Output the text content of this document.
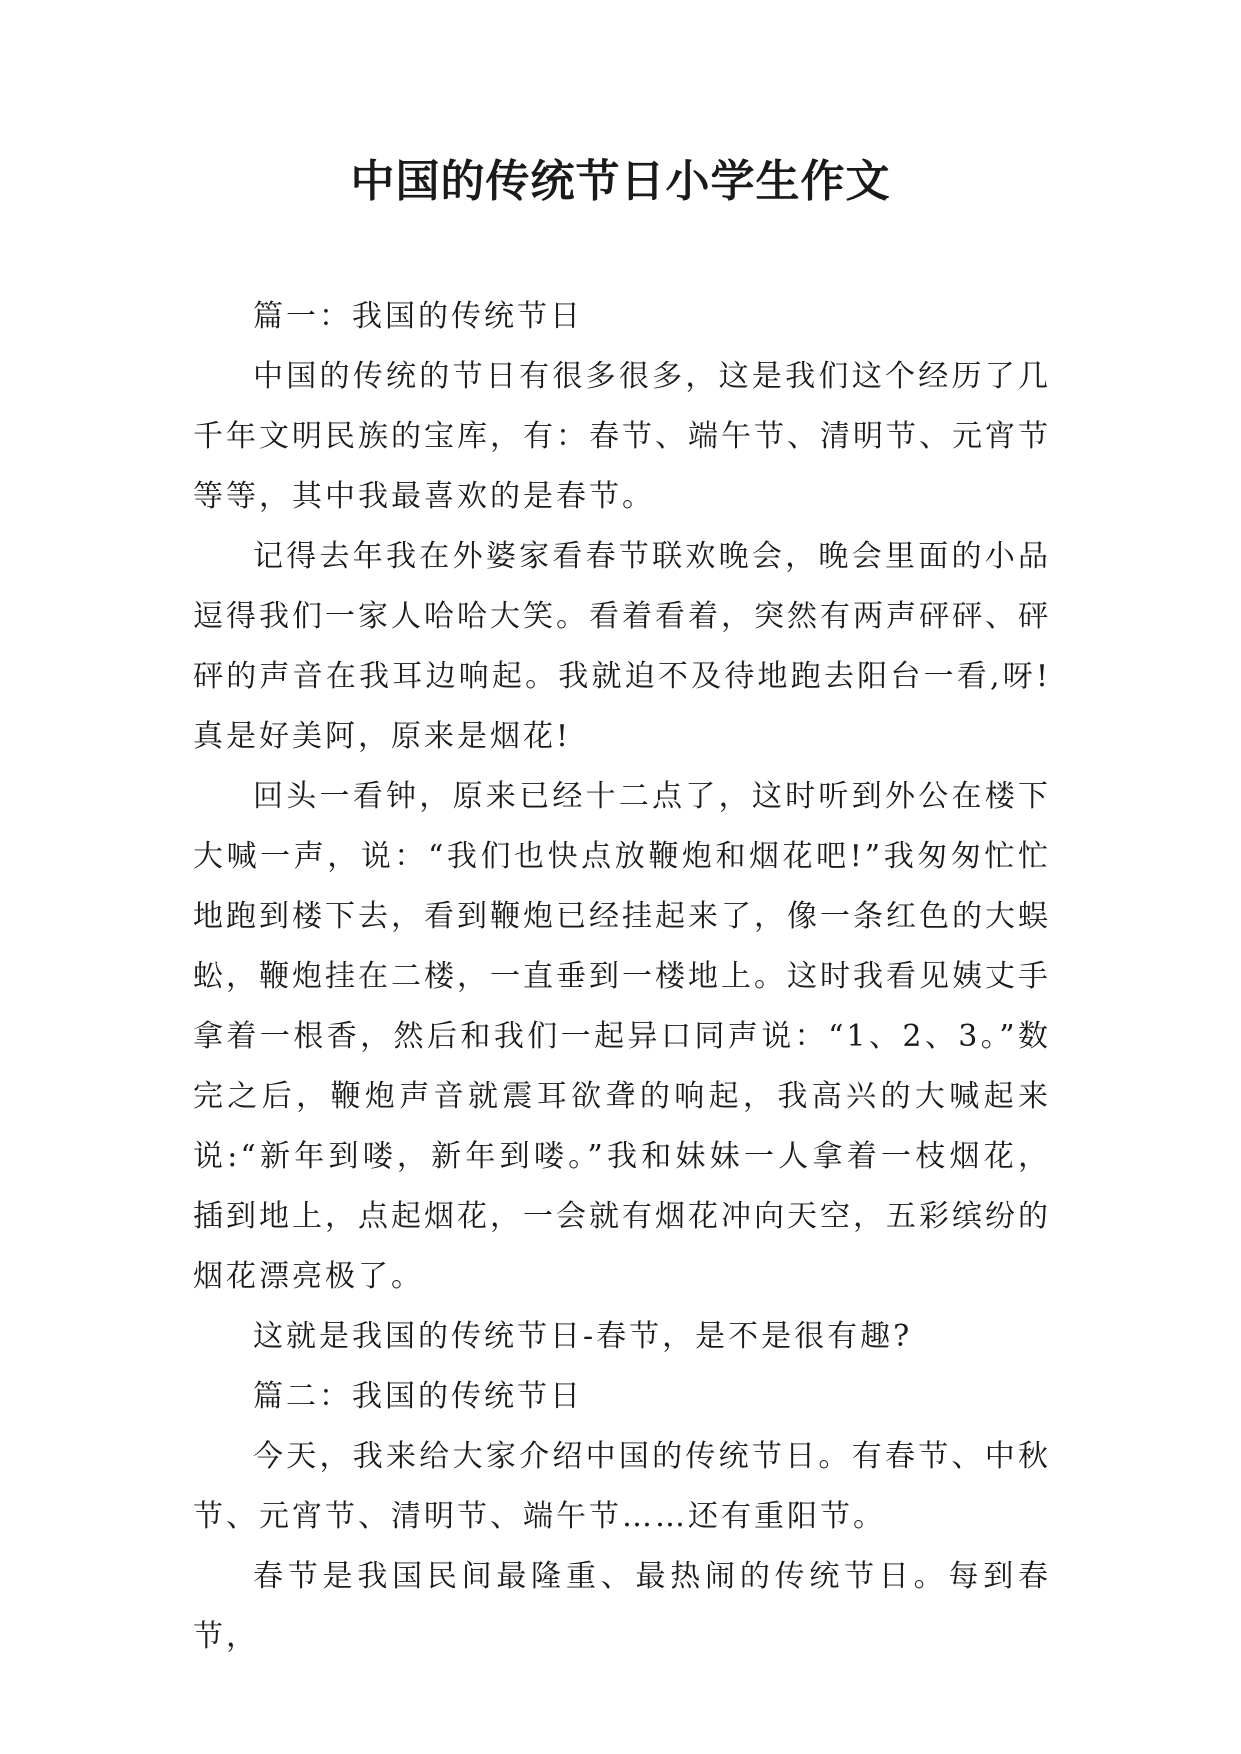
中国的传统节日小学生作文

篇一：我国的传统节日

中国的传统的节日有很多很多，这是我们这个经历了几千年文明民族的宝库，有：春节、端午节、清明节、元宵节等等，其中我最喜欢的是春节。

记得去年我在外婆家看春节联欢晚会，晚会里面的小品逗得我们一家人哈哈大笑。看着看着，突然有两声砰砰、砰砰的声音在我耳边响起。我就迫不及待地跑去阳台一看,呀!真是好美阿，原来是烟花!

回头一看钟，原来已经十二点了，这时听到外公在楼下大喊一声，说：“我们也快点放鞭炮和烟花吧!”我匆匆忙忙地跑到楼下去，看到鞭炮已经挂起来了，像一条红色的大蜈蚣，鞭炮挂在二楼，一直垂到一楼地上。这时我看见姨丈手拿着一根香，然后和我们一起异口同声说：“1、2、3。”数完之后，鞭炮声音就震耳欲聋的响起，我高兴的大喊起来说:“新年到喽，新年到喽。”我和妹妹一人拿着一枝烟花，插到地上，点起烟花，一会就有烟花冲向天空，五彩缤纷的烟花漂亮极了。

这就是我国的传统节日-春节，是不是很有趣?

篇二：我国的传统节日

今天，我来给大家介绍中国的传统节日。有春节、中秋节、元宵节、清明节、端午节……还有重阳节。

春节是我国民间最隆重、最热闹的传统节日。每到春节，
